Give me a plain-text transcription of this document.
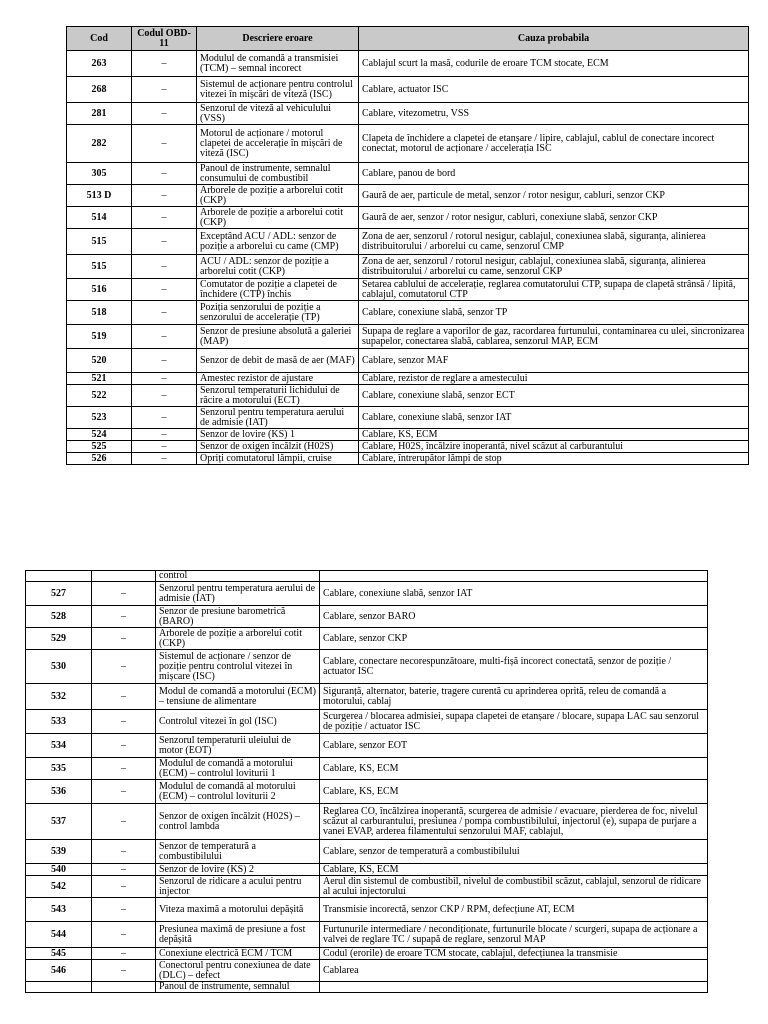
Cod	Codul OBD-11	Descriere eroare	Cauza probabila
263	–	Modulul de comandă a transmisiei (TCM) – semnal incorect	Cablajul scurt la masă, codurile de eroare TCM stocate, ECM
268	–	Sistemul de acționare pentru controlul vitezei în mișcări de viteză (ISC)	Cablare, actuator ISC
281	–	Senzorul de viteză al vehiculului (VSS)	Cablare, vitezometru, VSS
282	–	Motorul de acționare / motorul clapetei de accelerație în mișcări de viteză (ISC)	Clapeta de închidere a clapetei de etanșare / lipire, cablajul, cablul de conectare incorect conectat, motorul de acționare / accelerația ISC
305	–	Panoul de instrumente, semnalul consumului de combustibil	Cablare, panou de bord
513 D	–	Arborele de poziție a arborelui cotit (CKP)	Gaură de aer, particule de metal, senzor / rotor nesigur, cabluri, senzor CKP
514	–	Arborele de poziție a arborelui cotit (CKP)	Gaură de aer, senzor / rotor nesigur, cabluri, conexiune slabă, senzor CKP
515	–	Exceptând ACU / ADL: senzor de poziție a arborelui cu came (CMP)	Zona de aer, senzorul / rotorul nesigur, cablajul, conexiunea slabă, siguranța, alinierea distribuitorului / arborelui cu came, senzorul CMP
515	–	ACU / ADL: senzor de poziție a arborelui cotit (CKP)	Zona de aer, senzorul / rotorul nesigur, cablajul, conexiunea slabă, siguranța, alinierea distribuitorului / arborelui cu came, senzorul CKP
516	–	Comutator de poziție a clapetei de închidere (CTP) închis	Setarea cablului de accelerație, reglarea comutatorului CTP, supapa de clapetă strânsă / lipită, cablajul, comutatorul CTP
518	–	Poziția senzorului de poziție a senzorului de accelerație (TP)	Cablare, conexiune slabă, senzor TP
519	–	Senzor de presiune absolută a galeriei (MAP)	Supapa de reglare a vaporilor de gaz, racordarea furtunului, contaminarea cu ulei, sincronizarea supapelor, conectarea slabă, cablarea, senzorul MAP, ECM
520	–	Senzor de debit de masă de aer (MAF)	Cablare, senzor MAF
521	–	Amestec rezistor de ajustare	Cablare, rezistor de reglare a amestecului
522	–	Senzorul temperaturii lichidului de răcire a motorului (ECT)	Cablare, conexiune slabă, senzor ECT
523	–	Senzorul pentru temperatura aerului de admisie (IAT)	Cablare, conexiune slabă, senzor IAT
524	–	Senzor de lovire (KS) 1	Cablare, KS, ECM
525	–	Senzor de oxigen încălzit (H02S)	Cablare, H02S, încălzire inoperantă, nivel scăzut al carburantului
526	–	Opriți comutatorul lămpii, cruise	Cablare, întrerupător lămpi de stop
		control	
527	–	Senzorul pentru temperatura aerului de admisie (IAT)	Cablare, conexiune slabă, senzor IAT
528	–	Senzor de presiune barometrică (BARO)	Cablare, senzor BARO
529	–	Arborele de poziție a arborelui cotit (CKP)	Cablare, senzor CKP
530	–	Sistemul de acționare / senzor de poziție pentru controlul vitezei în mișcare (ISC)	Cablare, conectare necorespunzătoare, multi-fișă incorect conectată, senzor de poziție / actuator ISC
532	–	Modul de comandă a motorului (ECM) – tensiune de alimentare	Siguranță, alternator, baterie, tragere curentă cu aprinderea oprită, releu de comandă a motorului, cablaj
533	–	Controlul vitezei în gol (ISC)	Scurgerea / blocarea admisiei, supapa clapetei de etanșare / blocare, supapa LAC sau senzorul de poziție / actuator ISC
534	–	Senzorul temperaturii uleiului de motor (EOT)	Cablare, senzor EOT
535	–	Modulul de comandă a motorului (ECM) – controlul loviturii 1	Cablare, KS, ECM
536	–	Modulul de comandă al motorului (ECM) – controlul loviturii 2	Cablare, KS, ECM
537	–	Senzor de oxigen încălzit (H02S) – control lambda	Reglarea CO, încălzirea inoperantă, scurgerea de admisie / evacuare, pierderea de foc, nivelul scăzut al carburantului, presiunea / pompa combustibilului, injectorul (e), supapa de purjare a vanei EVAP, arderea filamentului senzorului MAF, cablajul,
539	–	Senzor de temperatură a combustibilului	Cablare, senzor de temperatură a combustibilului
540	–	Senzor de lovire (KS) 2	Cablare, KS, ECM
542	–	Senzorul de ridicare a acului pentru injector	Aerul din sistemul de combustibil, nivelul de combustibil scăzut, cablajul, senzorul de ridicare al acului injectorului
543	–	Viteza maximă a motorului depășită	Transmisie incorectă, senzor CKP / RPM, defecțiune AT, ECM
544	–	Presiunea maximă de presiune a fost depășită	Furtunurile intermediare / necondiționate, furtunurile blocate / scurgeri, supapa de acționare a valvei de reglare TC / supapă de reglare, senzorul MAP
545	–	Conexiune electrică ECM / TCM	Codul (erorile) de eroare TCM stocate, cablajul, defecțiunea la transmisie
546	–	Conectorul pentru conexiunea de date (DLC) – defect	Cablarea
		Panoul de instrumente, semnalul	
